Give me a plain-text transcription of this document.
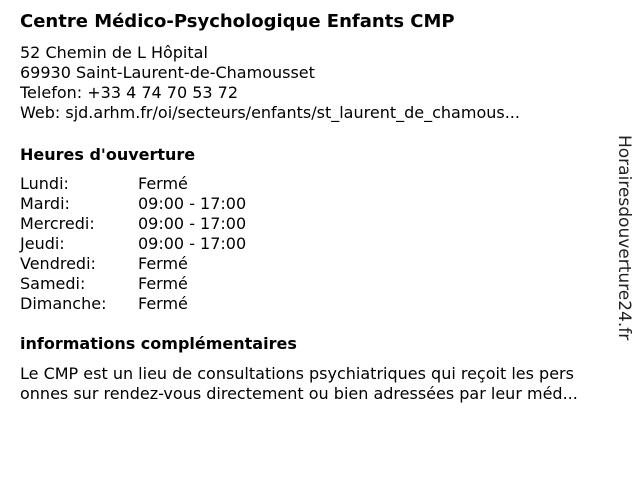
Centre Médico-Psychologique Enfants CMP
52 Chemin de L Hôpital
69930 Saint-Laurent-de-Chamousset
Telefon: +33 4 74 70 53 72
Web: sjd.arhm.fr/oi/secteurs/enfants/st_laurent_de_chamous...
Heures d'ouverture
Lundi:	Fermé
Mardi:	09:00 - 17:00
Mercredi:	09:00 - 17:00
Jeudi:	09:00 - 17:00
Vendredi:	Fermé
Samedi:	Fermé
Dimanche: Fermé
informations complémentaires
Le CMP est un lieu de consultations psychiatriques qui reçoit les pers
onnes sur rendez-vous directement ou bien adressées par leur méd...
Horairesdouverture24.fr
